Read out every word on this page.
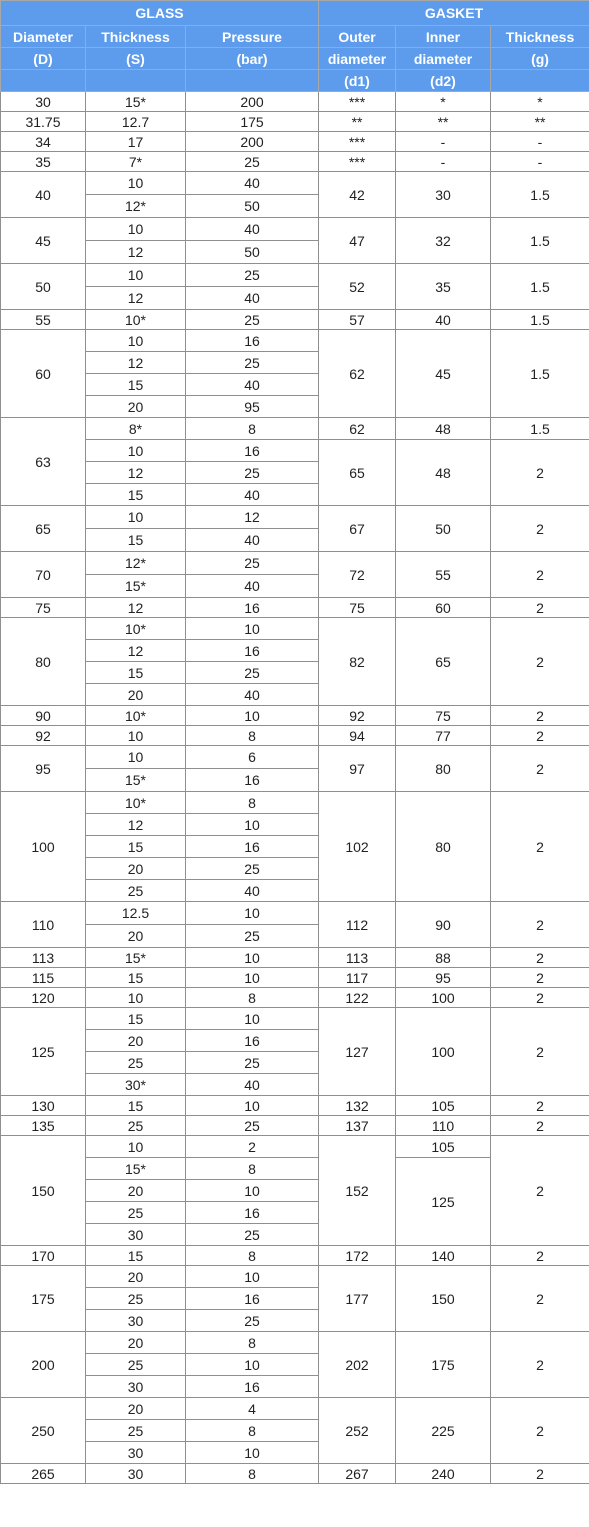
GLASS			GASKET		
Diameter	Thickness	Pressure	Outer	Inner	Thickness
(D)	(S)	(bar)	diameter	diameter	(g)
			(d1)	(d2)	
30	15*	200	***	*	*
31.75	12.7	175	**	**	**
34	17	200	***	-	-
35	7*	25	***	-	-
40	10	40	42	30	1.5
	12*	50			
45	10	40	47	32	1.5
	12	50			
50	10	25	52	35	1.5
	12	40			
55	10*	25	57	40	1.5
60	10	16	62	45	1.5
	12	25			
	15	40			
	20	95			
63	8*	8	62	48	1.5
	10	16	65	48	2
	12	25			
	15	40			
65	10	12	67	50	2
	15	40			
70	12*	25	72	55	2
	15*	40			
75	12	16	75	60	2
80	10*	10	82	65	2
	12	16			
	15	25			
	20	40			
90	10*	10	92	75	2
92	10	8	94	77	2
95	10	6	97	80	2
	15*	16			
100	10*	8	102	80	2
	12	10			
	15	16			
	20	25			
	25	40			
110	12.5	10	112	90	2
	20	25			
113	15*	10	113	88	2
115	15	10	117	95	2
120	10	8	122	100	2
125	15	10	127	100	2
	20	16			
	25	25			
	30*	40			
130	15	10	132	105	2
135	25	25	137	110	2
150	10	2	152	105	2
	15*	8		125	
	20	10			
	25	16			
	30	25			
170	15	8	172	140	2
175	20	10	177	150	2
	25	16			
	30	25			
200	20	8	202	175	2
	25	10			
	30	16			
250	20	4	252	225	2
	25	8			
	30	10			
265	30	8	267	240	2
